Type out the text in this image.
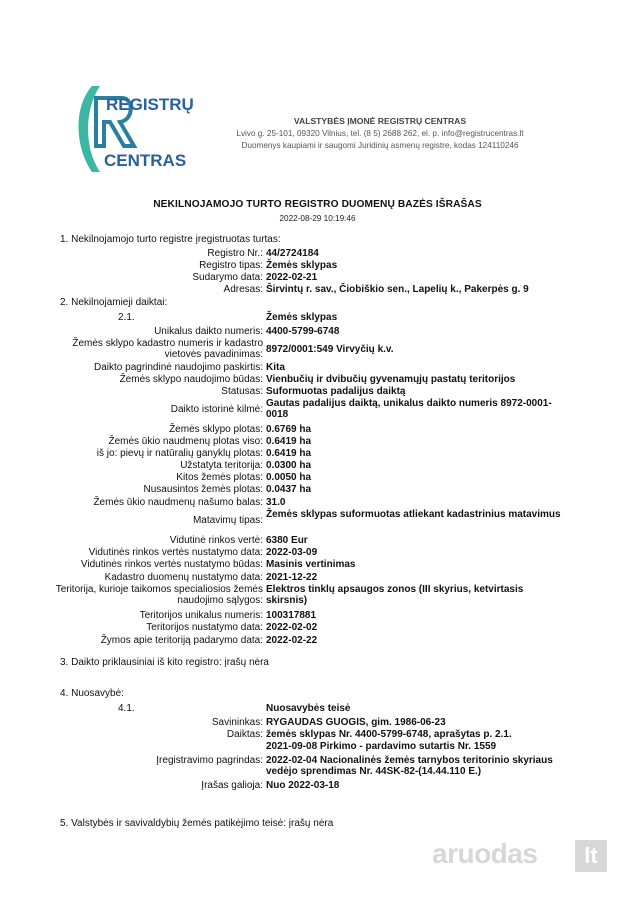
REGISTRŲ
CENTRAS
VALSTYBĖS ĮMONĖ REGISTRŲ CENTRAS
Lvivo g. 25-101, 09320 Vilnius, tel. (8 5) 2688 262, el. p. info@registrucentras.lt
Duomenys kaupiami ir saugomi Juridinių asmenų registre, kodas 124110246
NEKILNOJAMOJO TURTO REGISTRO DUOMENŲ BAZĖS IŠRAŠAS
2022-08-29 10:19:46
1. Nekilnojamojo turto registre įregistruotas turtas:
Registro Nr.: 44/2724184
Registro tipas: Žemės sklypas
Sudarymo data: 2022-02-21
Adresas: Širvintų r. sav., Čiobiškio sen., Lapelių k., Pakerpės g. 9
2. Nekilnojamieji daiktai:
2.1.	Žemės sklypas
Unikalus daikto numeris: 4400-5799-6748
Žemės sklypo kadastro numeris ir kadastro vietovės pavadinimas: 8972/0001:549 Virvyčių k.v.
Daikto pagrindinė naudojimo paskirtis: Kita
Žemės sklypo naudojimo būdas: Vienbučių ir dvibučių gyvenamųjų pastatų teritorijos
Statusas: Suformuotas padalijus daiktą
Daikto istorinė kilmė:
Gautas padalijus daiktą, unikalus daikto numeris 8972-0001-0018
Žemės sklypo plotas: 0.6769 ha
Žemės ūkio naudmenų plotas viso: 0.6419 ha
iš jo: pievų ir natūralių ganyklų plotas: 0.6419 ha
Užstatyta teritorija: 0.0300 ha
Kitos žemės plotas: 0.0050 ha
Nusausintos žemės plotas: 0.0437 ha
Žemės ūkio naudmenų našumo balas: 31.0
Matavimų tipas:
Žemės sklypas suformuotas atliekant kadastrinius matavimus
Vidutinė rinkos vertė: 6380 Eur
Vidutinės rinkos vertės nustatymo data: 2022-03-09
Vidutinės rinkos vertės nustatymo būdas: Masinis vertinimas
Kadastro duomenų nustatymo data: 2021-12-22
Teritorija, kurioje taikomos specialiosios žemės naudojimo sąlygos:
Elektros tinklų apsaugos zonos (III skyrius, ketvirtasis skirsnis)
Teritorijos unikalus numeris: 100317881
Teritorijos nustatymo data: 2022-02-02
Žymos apie teritoriją padarymo data: 2022-02-22
3. Daikto priklausiniai iš kito registro: įrašų nėra
4. Nuosavybė:
4.1.	Nuosavybės teisė
Savininkas: RYGAUDAS GUOGIS, gim. 1986-06-23
Daiktas: žemės sklypas Nr. 4400-5799-6748, aprašytas p. 2.1.
2021-09-08 Pirkimo - pardavimo sutartis Nr. 1559
Įregistravimo pagrindas: 2022-02-04 Nacionalinės žemės tarnybos teritorinio skyriaus vedėjo sprendimas Nr. 44SK-82-(14.44.110 E.)
Įrašas galioja: Nuo 2022-03-18
5. Valstybės ir savivaldybių žemės patikėjimo teisė: įrašų nėra
aruodas	lt
